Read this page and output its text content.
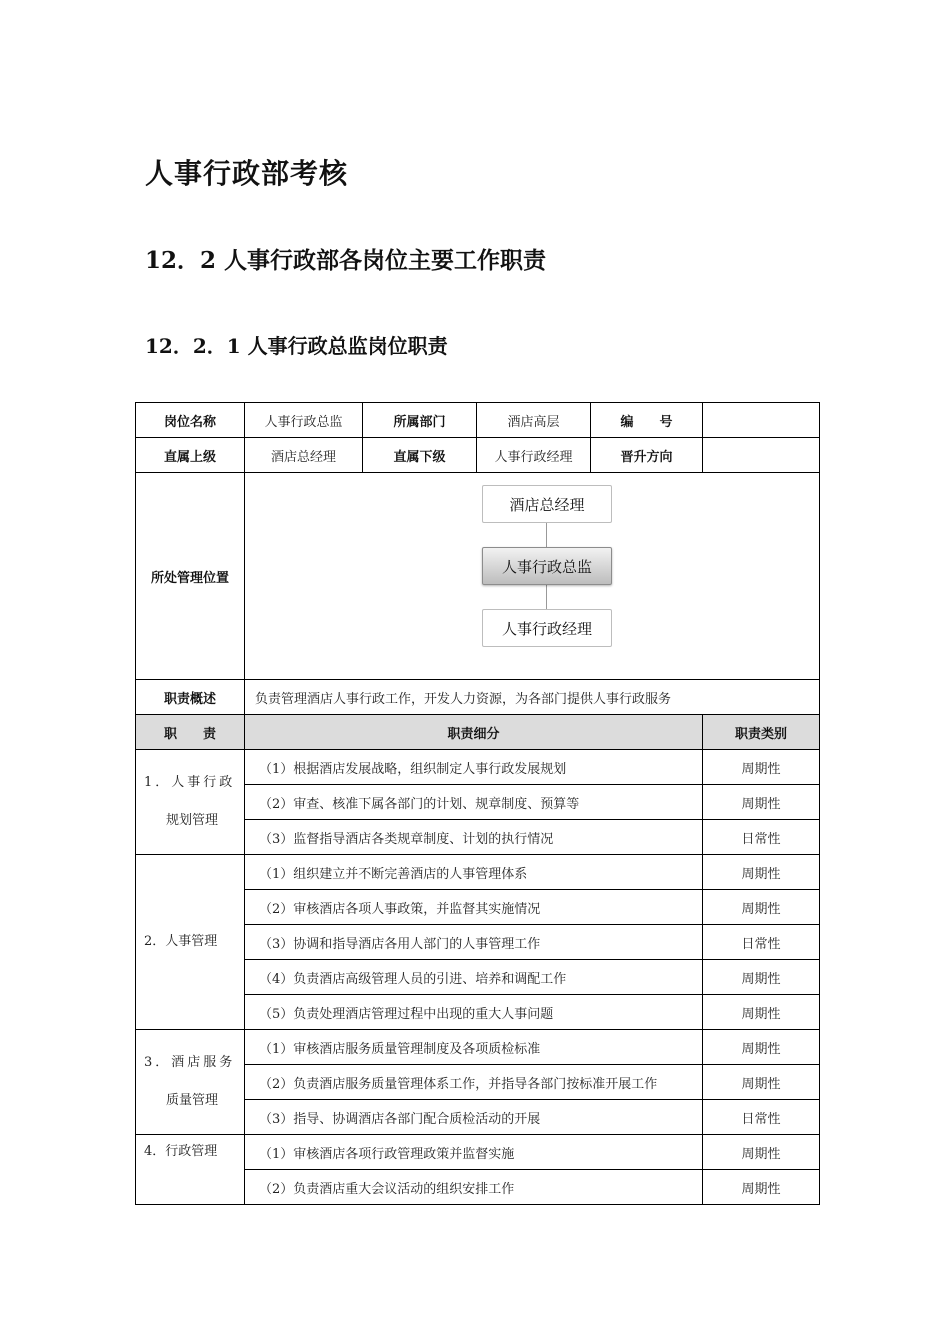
人事行政部考核
12．2 人事行政部各岗位主要工作职责
12．2．1 人事行政总监岗位职责
岗位名称	人事行政总监	所属部门	酒店高层	编　　号	
直属上级	酒店总经理	直属下级	人事行政经理	晋升方向	
所处管理位置	酒店总经理
人事行政总监
人事行政经理				

职责概述	负责管理酒店人事行政工作，开发人力资源，为各部门提供人事行政服务				
职　　责	职责细分				职责类别

1．人事行政
规划管理	（1）根据酒店发展战略，组织制定人事行政发展规划				周期性
	（2）审查、核准下属各部门的计划、规章制度、预算等				周期性
	（3）监督指导酒店各类规章制度、计划的执行情况				日常性
2．人事管理	（1）组织建立并不断完善酒店的人事管理体系				周期性
	（2）审核酒店各项人事政策，并监督其实施情况				周期性
	（3）协调和指导酒店各用人部门的人事管理工作				日常性
	（4）负责酒店高级管理人员的引进、培养和调配工作				周期性
	（5）负责处理酒店管理过程中出现的重大人事问题				周期性

3．酒店服务
质量管理	（1）审核酒店服务质量管理制度及各项质检标准				周期性
	（2）负责酒店服务质量管理体系工作，并指导各部门按标准开展工作				周期性
	（3）指导、协调酒店各部门配合质检活动的开展				日常性
4．行政管理	（1）审核酒店各项行政管理政策并监督实施				周期性
	（2）负责酒店重大会议活动的组织安排工作				周期性
